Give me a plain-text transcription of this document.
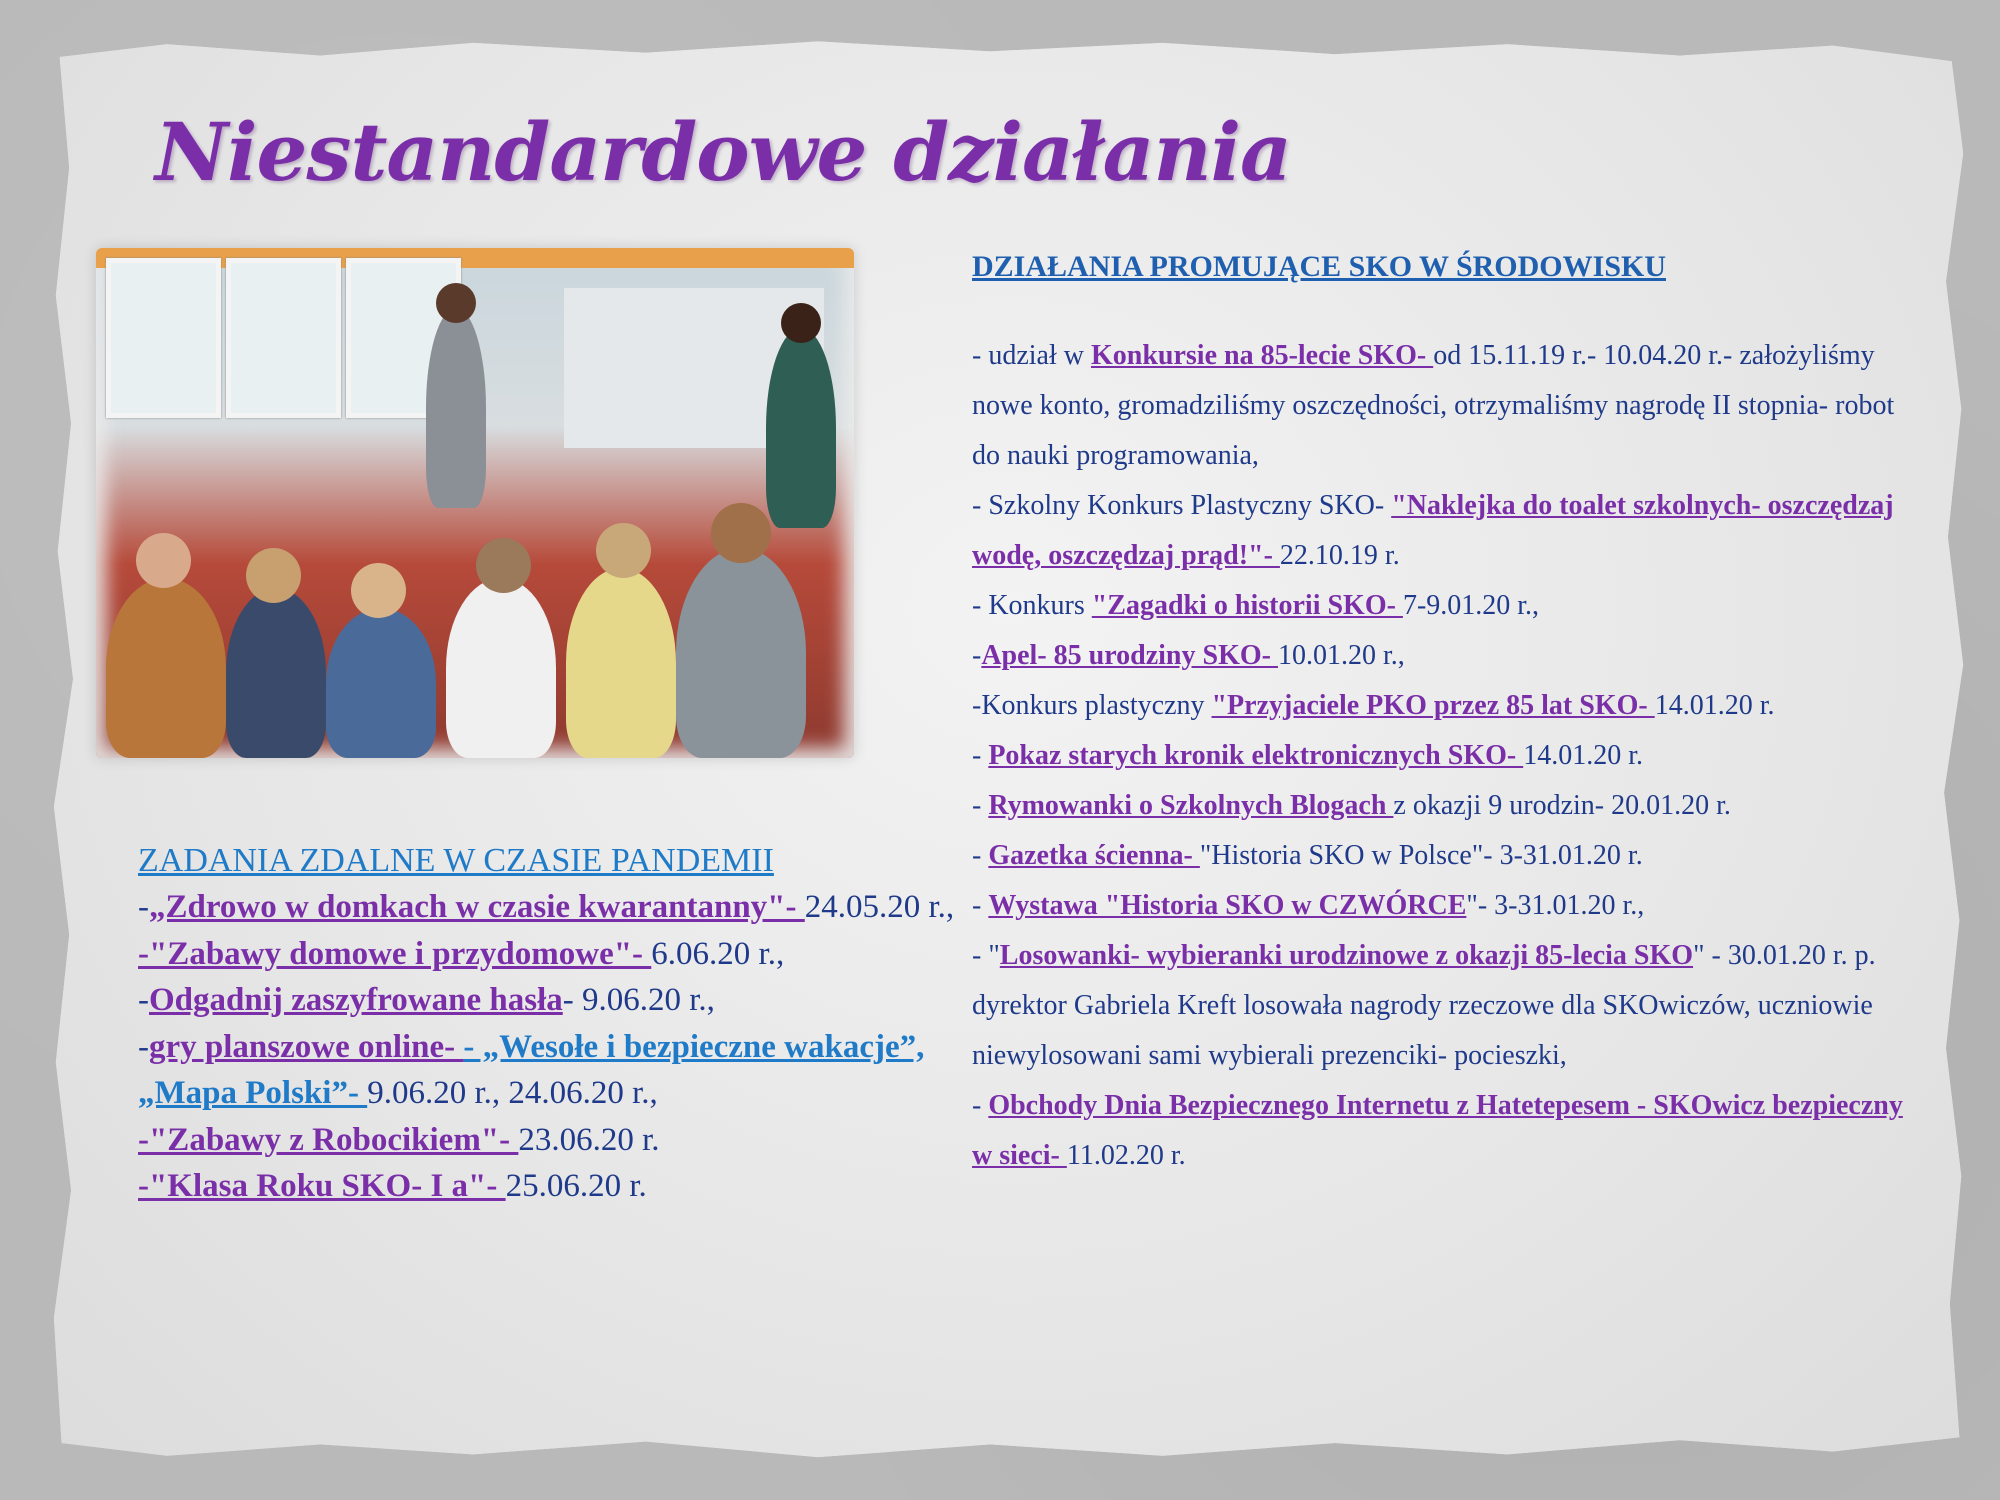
Niestandardowe działania

DZIAŁANIA PROMUJĄCE SKO W ŚRODOWISKU

- udział w Konkursie na 85-lecie SKO- od 15.11.19 r.- 10.04.20 r.- założyliśmy nowe konto, gromadziliśmy oszczędności, otrzymaliśmy nagrodę II stopnia- robot do nauki programowania,

- Szkolny Konkurs Plastyczny SKO- "Naklejka do toalet szkolnych- oszczędzaj wodę, oszczędzaj prąd!"- 22.10.19 r.

- Konkurs "Zagadki o historii SKO- 7-9.01.20 r.,

-Apel- 85 urodziny SKO- 10.01.20 r.,

-Konkurs plastyczny "Przyjaciele PKO przez 85 lat SKO- 14.01.20 r.

- Pokaz starych kronik elektronicznych SKO- 14.01.20 r.

- Rymowanki o Szkolnych Blogach z okazji 9 urodzin- 20.01.20 r.

- Gazetka ścienna- "Historia SKO w Polsce"- 3-31.01.20 r.

- Wystawa "Historia SKO w CZWÓRCE"- 3-31.01.20 r.,

- "Losowanki- wybieranki urodzinowe z okazji 85-lecia SKO" - 30.01.20 r. p. dyrektor Gabriela Kreft losowała nagrody rzeczowe dla SKOwiczów, uczniowie niewylosowani sami wybierali prezenciki- pocieszki,

- Obchody Dnia Bezpiecznego Internetu z Hatetepesem - SKOwicz bezpieczny w sieci- 11.02.20 r.

ZADANIA ZDALNE W CZASIE PANDEMII

-„Zdrowo w domkach w czasie kwarantanny"- 24.05.20 r.,
-"Zabawy domowe i przydomowe"- 6.06.20 r.,
-Odgadnij zaszyfrowane hasła- 9.06.20 r.,
-gry planszowe online- - „Wesołe i bezpieczne wakacje”, „Mapa Polski”- 9.06.20 r., 24.06.20 r.,
-"Zabawy z Robocikiem"- 23.06.20 r.
-"Klasa Roku SKO- I a"- 25.06.20 r.
